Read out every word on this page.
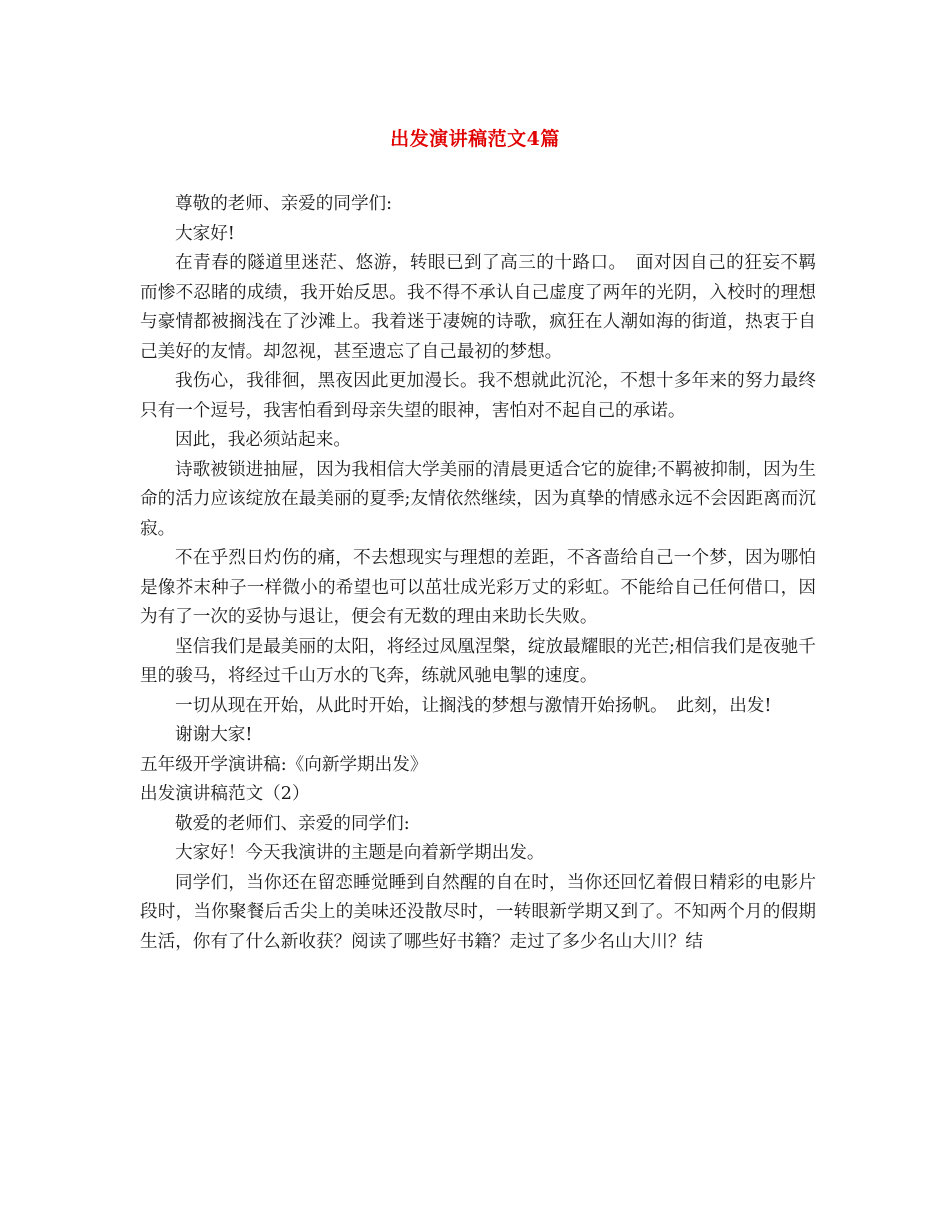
出发演讲稿范文4篇

尊敬的老师、亲爱的同学们:

大家好!

在青春的隧道里迷茫、悠游，转眼已到了高三的十路口。　面对因自己的狂妄不羁而惨不忍睹的成绩，我开始反思。我不得不承认自己虚度了两年的光阴，入校时的理想与豪情都被搁浅在了沙滩上。我着迷于凄婉的诗歌，疯狂在人潮如海的街道，热衷于自己美好的友情。却忽视，甚至遗忘了自己最初的梦想。

我伤心，我徘徊，黑夜因此更加漫长。我不想就此沉沦，不想十多年来的努力最终只有一个逗号，我害怕看到母亲失望的眼神，害怕对不起自己的承诺。

因此，我必须站起来。

诗歌被锁进抽屉，因为我相信大学美丽的清晨更适合它的旋律;不羁被抑制，因为生命的活力应该绽放在最美丽的夏季;友情依然继续，因为真挚的情感永远不会因距离而沉寂。

不在乎烈日灼伤的痛，不去想现实与理想的差距，不吝啬给自己一个梦，因为哪怕是像芥末种子一样微小的希望也可以茁壮成光彩万丈的彩虹。不能给自己任何借口，因为有了一次的妥协与退让，便会有无数的理由来助长失败。

坚信我们是最美丽的太阳，将经过凤凰涅槃，绽放最耀眼的光芒;相信我们是夜驰千里的骏马，将经过千山万水的飞奔，练就风驰电掣的速度。

一切从现在开始，从此时开始，让搁浅的梦想与激情开始扬帆。　此刻，出发!

谢谢大家!

五年级开学演讲稿:《向新学期出发》

出发演讲稿范文（2）

敬爱的老师们、亲爱的同学们:

大家好！今天我演讲的主题是向着新学期出发。

同学们，当你还在留恋睡觉睡到自然醒的自在时，当你还回忆着假日精彩的电影片段时，当你聚餐后舌尖上的美味还没散尽时，一转眼新学期又到了。不知两个月的假期生活，你有了什么新收获？阅读了哪些好书籍？走过了多少名山大川？结
